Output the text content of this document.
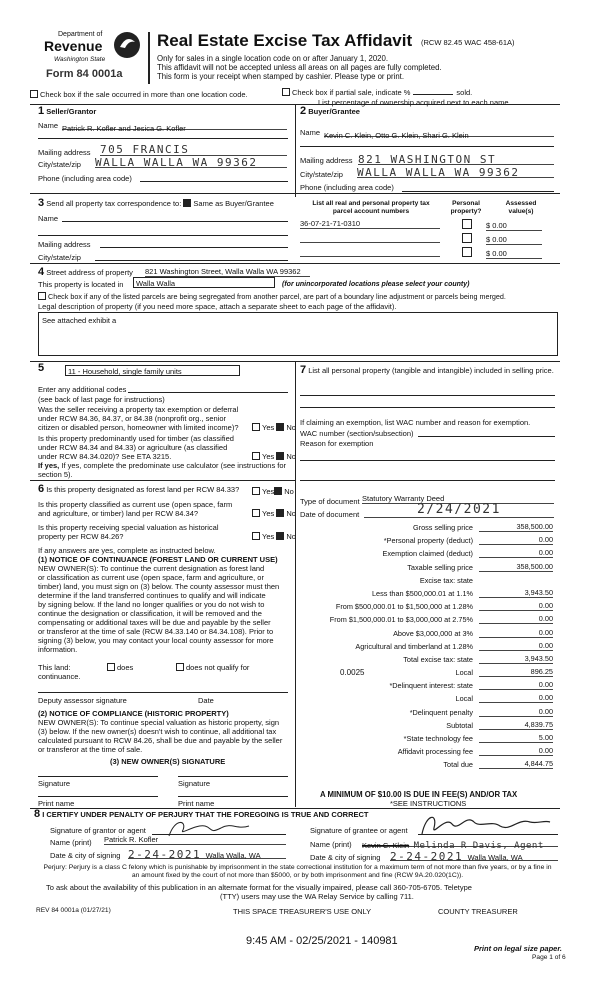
Department of
Revenue
Washington State
Form 84 0001a
Real Estate Excise Tax Affidavit (RCW 82.45 WAC 458-61A)
Only for sales in a single location code on or after January 1, 2020.
This affidavit will not be accepted unless all areas on all pages are fully completed.
This form is your receipt when stamped by cashier. Please type or print.
Check box if the sale occurred in more than one location code.	Check box if partial sale, indicate %	sold.
List percentage of ownership acquired next to each name.
1 Seller/Grantor
Name Patrick R. Kofler and Jesica G. Kofler
Mailing address 705 FRANCIS
City/state/zip WALLA WALLA WA 99362
Phone (including area code)
2 Buyer/Grantee
Name Kevin C. Klein, Otto G. Klein, Shari G. Klein
Mailing address 821 WASHINGTON ST
City/state/zip WALLA WALLA WA 99362
Phone (including area code)
3 Send all property tax correspondence to: Same as Buyer/Grantee
Name
Mailing address
City/state/zip
List all real and personal property tax parcel account numbers
Personal property?
Assessed value(s)
36-07-21-71-0310	$ 0.00
$ 0.00
$ 0.00
4 Street address of property 821 Washington Street, Walla Walla WA 99362
This property is located in	Walla Walla	(for unincorporated locations please select your county)
Check box if any of the listed parcels are being segregated from another parcel, are part of a boundary line adjustment or parcels being merged.
Legal description of property (if you need more space, attach a separate sheet to each page of the affidavit).
See attached exhibit a
5	11 - Household, single family units
Enter any additional codes
(see back of last page for instructions)
Was the seller receiving a property tax exemption or deferral
under RCW 84.36, 84.37, or 84.38 (nonprofit org., senior
citizen or disabled person, homeowner with limited income)?	Yes No
Is this property predominantly used for timber (as classified
under RCW 84.34 and 84.33) or agriculture (as classified
under RCW 84.34.020)? See ETA 3215.	Yes No
If yes, If yes, complete the predominate use calculator (see instructions for
section 5).
6 Is this property designated as forest land per RCW 84.33?	Yes No
Is this property classified as current use (open space, farm
and agriculture, or timber) land per RCW 84.34?	Yes No
Is this property receiving special valuation as historical
property per RCW 84.26?	Yes No
If any answers are yes, complete as instructed below.
(1) NOTICE OF CONTINUANCE (FOREST LAND OR CURRENT USE)
NEW OWNER(S): To continue the current designation as forest land
or classification as current use (open space, farm and agriculture, or
timber) land, you must sign on (3) below. The county assessor must then
determine if the land transferred continues to qualify and will indicate
by signing below. If the land no longer qualifies or you do not wish to
continue the designation or classification, it will be removed and the
compensating or additional taxes will be due and payable by the seller
or transferor at the time of sale (RCW 84.33.140 or 84.34.108). Prior to
signing (3) below, you may contact your local county assessor for more
information.
This land:	does	does not qualify for
continuance.
Deputy assessor signature	Date
(2) NOTICE OF COMPLIANCE (HISTORIC PROPERTY)
NEW OWNER(S): To continue special valuation as historic property, sign
(3) below. If the new owner(s) doesn't wish to continue, all additional tax
calculated pursuant to RCW 84.26, shall be due and payable by the seller
or transferor at the time of sale.
(3) NEW OWNER(S) SIGNATURE
Signature	Signature
Print name	Print name
7 List all personal property (tangible and intangible) included in selling price.
If claiming an exemption, list WAC number and reason for exemption.
WAC number (section/subsection)
Reason for exemption
Type of document Statutory Warranty Deed
Date of document	2/24/2021
Gross selling price	358,500.00
*Personal property (deduct)	0.00
Exemption claimed (deduct)	0.00
Taxable selling price	358,500.00
Excise tax: state
Less than $500,000.01 at 1.1%	3,943.50
From $500,000.01 to $1,500,000 at 1.28%	0.00
From $1,500,000.01 to $3,000,000 at 2.75%	0.00
Above $3,000,000 at 3%	0.00
Agricultural and timberland at 1.28%	0.00
Total excise tax: state	3,943.50
0.0025	Local	896.25
*Delinquent interest: state	0.00
Local	0.00
*Delinquent penalty	0.00
Subtotal	4,839.75
*State technology fee	5.00
Affidavit processing fee	0.00
Total due	4,844.75
A MINIMUM OF $10.00 IS DUE IN FEE(S) AND/OR TAX
*SEE INSTRUCTIONS
8 I CERTIFY UNDER PENALTY OF PERJURY THAT THE FOREGOING IS TRUE AND CORRECT
Signature of grantor or agent
Name (print) Patrick R. Kofler
Date & city of signing 2-24-2021 Walla Walla, WA
Signature of grantee or agent
Name (print) Kevin C. Klein Melinda R Davis, Agent
Date & city of signing 2-24-2021 Walla Walla, WA
Perjury: Perjury is a class C felony which is punishable by imprisonment in the state correctional institution for a maximum term of not more than five years, or by a fine in an amount fixed by the court of not more than $5000, or by both imprisonment and fine (RCW 9A.20.020(1C)).
To ask about the availability of this publication in an alternate format for the visually impaired, please call 360-705-6705. Teletype
(TTY) users may use the WA Relay Service by calling 711.
REV 84 0001a (01/27/21)	THIS SPACE TREASURER'S USE ONLY	COUNTY TREASURER
9:45 AM - 02/25/2021 - 140981
Print on legal size paper.
Page 1 of 6
